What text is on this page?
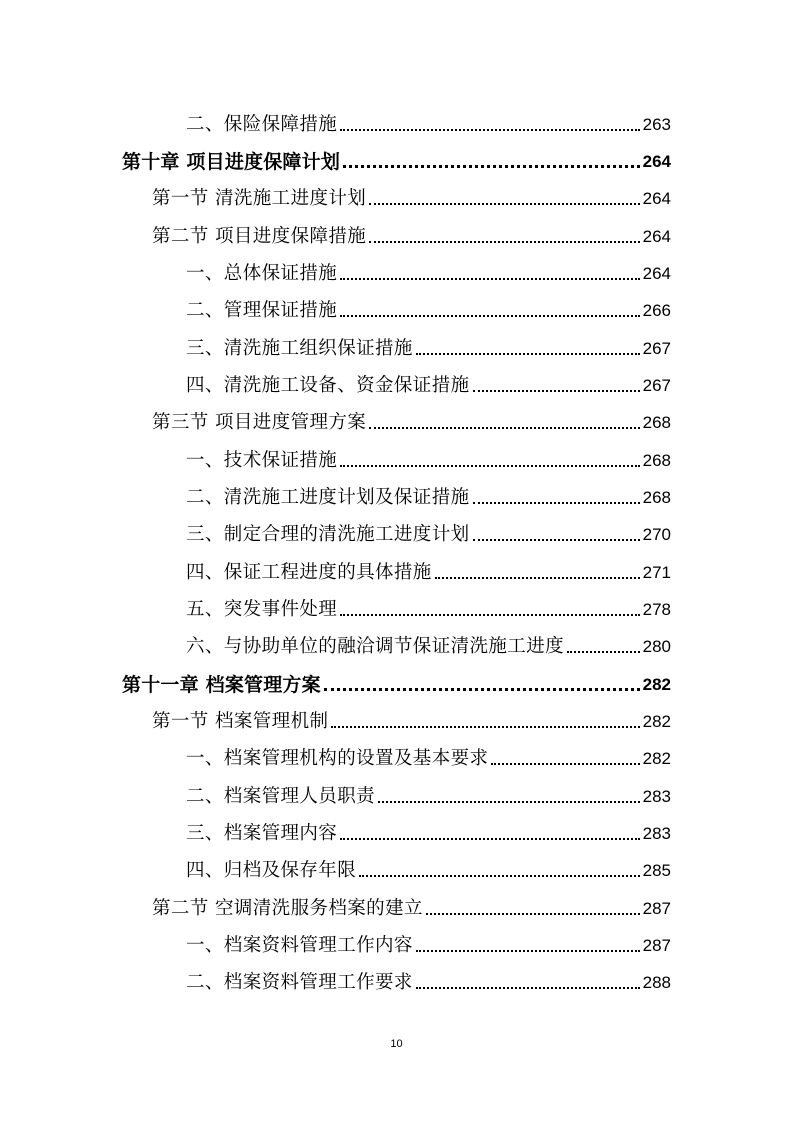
二、保险保障措施	263
第十章 项目进度保障计划	264
第一节 清洗施工进度计划	264
第二节 项目进度保障措施	264
一、总体保证措施	264
二、管理保证措施	266
三、清洗施工组织保证措施	267
四、清洗施工设备、资金保证措施	267
第三节 项目进度管理方案	268
一、技术保证措施	268
二、清洗施工进度计划及保证措施	268
三、制定合理的清洗施工进度计划	270
四、保证工程进度的具体措施	271
五、突发事件处理	278
六、与协助单位的融洽调节保证清洗施工进度	280
第十一章 档案管理方案	282
第一节 档案管理机制	282
一、档案管理机构的设置及基本要求	282
二、档案管理人员职责	283
三、档案管理内容	283
四、归档及保存年限	285
第二节 空调清洗服务档案的建立	287
一、档案资料管理工作内容	287
二、档案资料管理工作要求	288
10
